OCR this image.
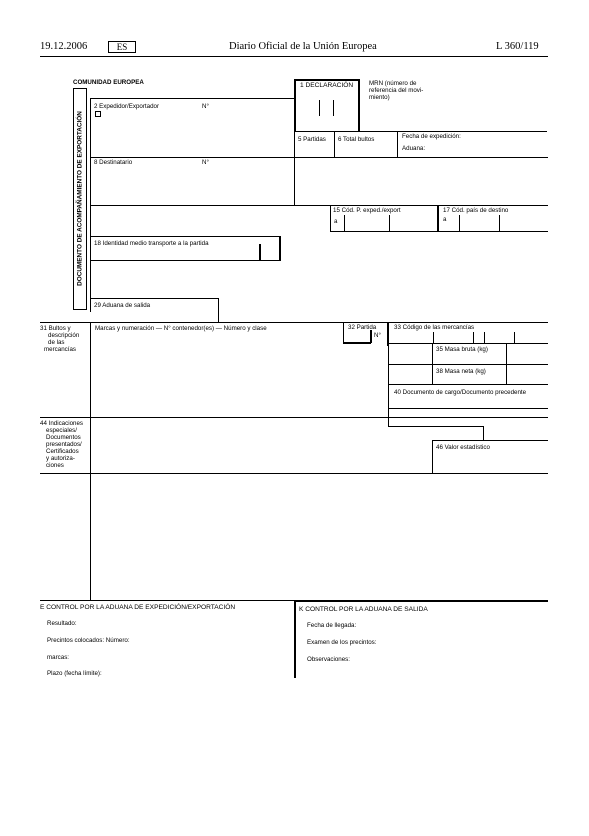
19.12.2006	ES	Diario Oficial de la Unión Europea	L 360/119
COMUNIDAD EUROPEA
DOCUMENTO DE ACOMPAÑAMIENTO DE EXPORTACIÓN
2 Expedidor/Exportador	N°
1 DECLARACIÓN	MRN (número de
referencia del movi-
miento)
5 Partidas 6 Total bultos	Fecha de expedición:
Aduana:
8 Destinatario	N°
15 Cód. P. exped./export
a
17 Cód. país de destino
a
18 Identidad medio transporte a la partida
29 Aduana de salida
31 Bultos y
descripción
de las
mercancías
Marcas y numeración — N° contenedor(es) — Número y clase	32 Partida
N°
33 Código de las mercancías
35 Masa bruta (kg)
38 Masa neta (kg)
40 Documento de cargo/Documento precedente
44 Indicaciones
especiales/
Documentos
presentados/
Certificados
y autoriza-
ciones
46 Valor estadístico
E CONTROL POR LA ADUANA DE EXPEDICIÓN/EXPORTACIÓN
Resultado:
Precintos colocados: Número:
marcas:
Plazo (fecha límite):
K CONTROL POR LA ADUANA DE SALIDA
Fecha de llegada:
Examen de los precintos:
Observaciones:
